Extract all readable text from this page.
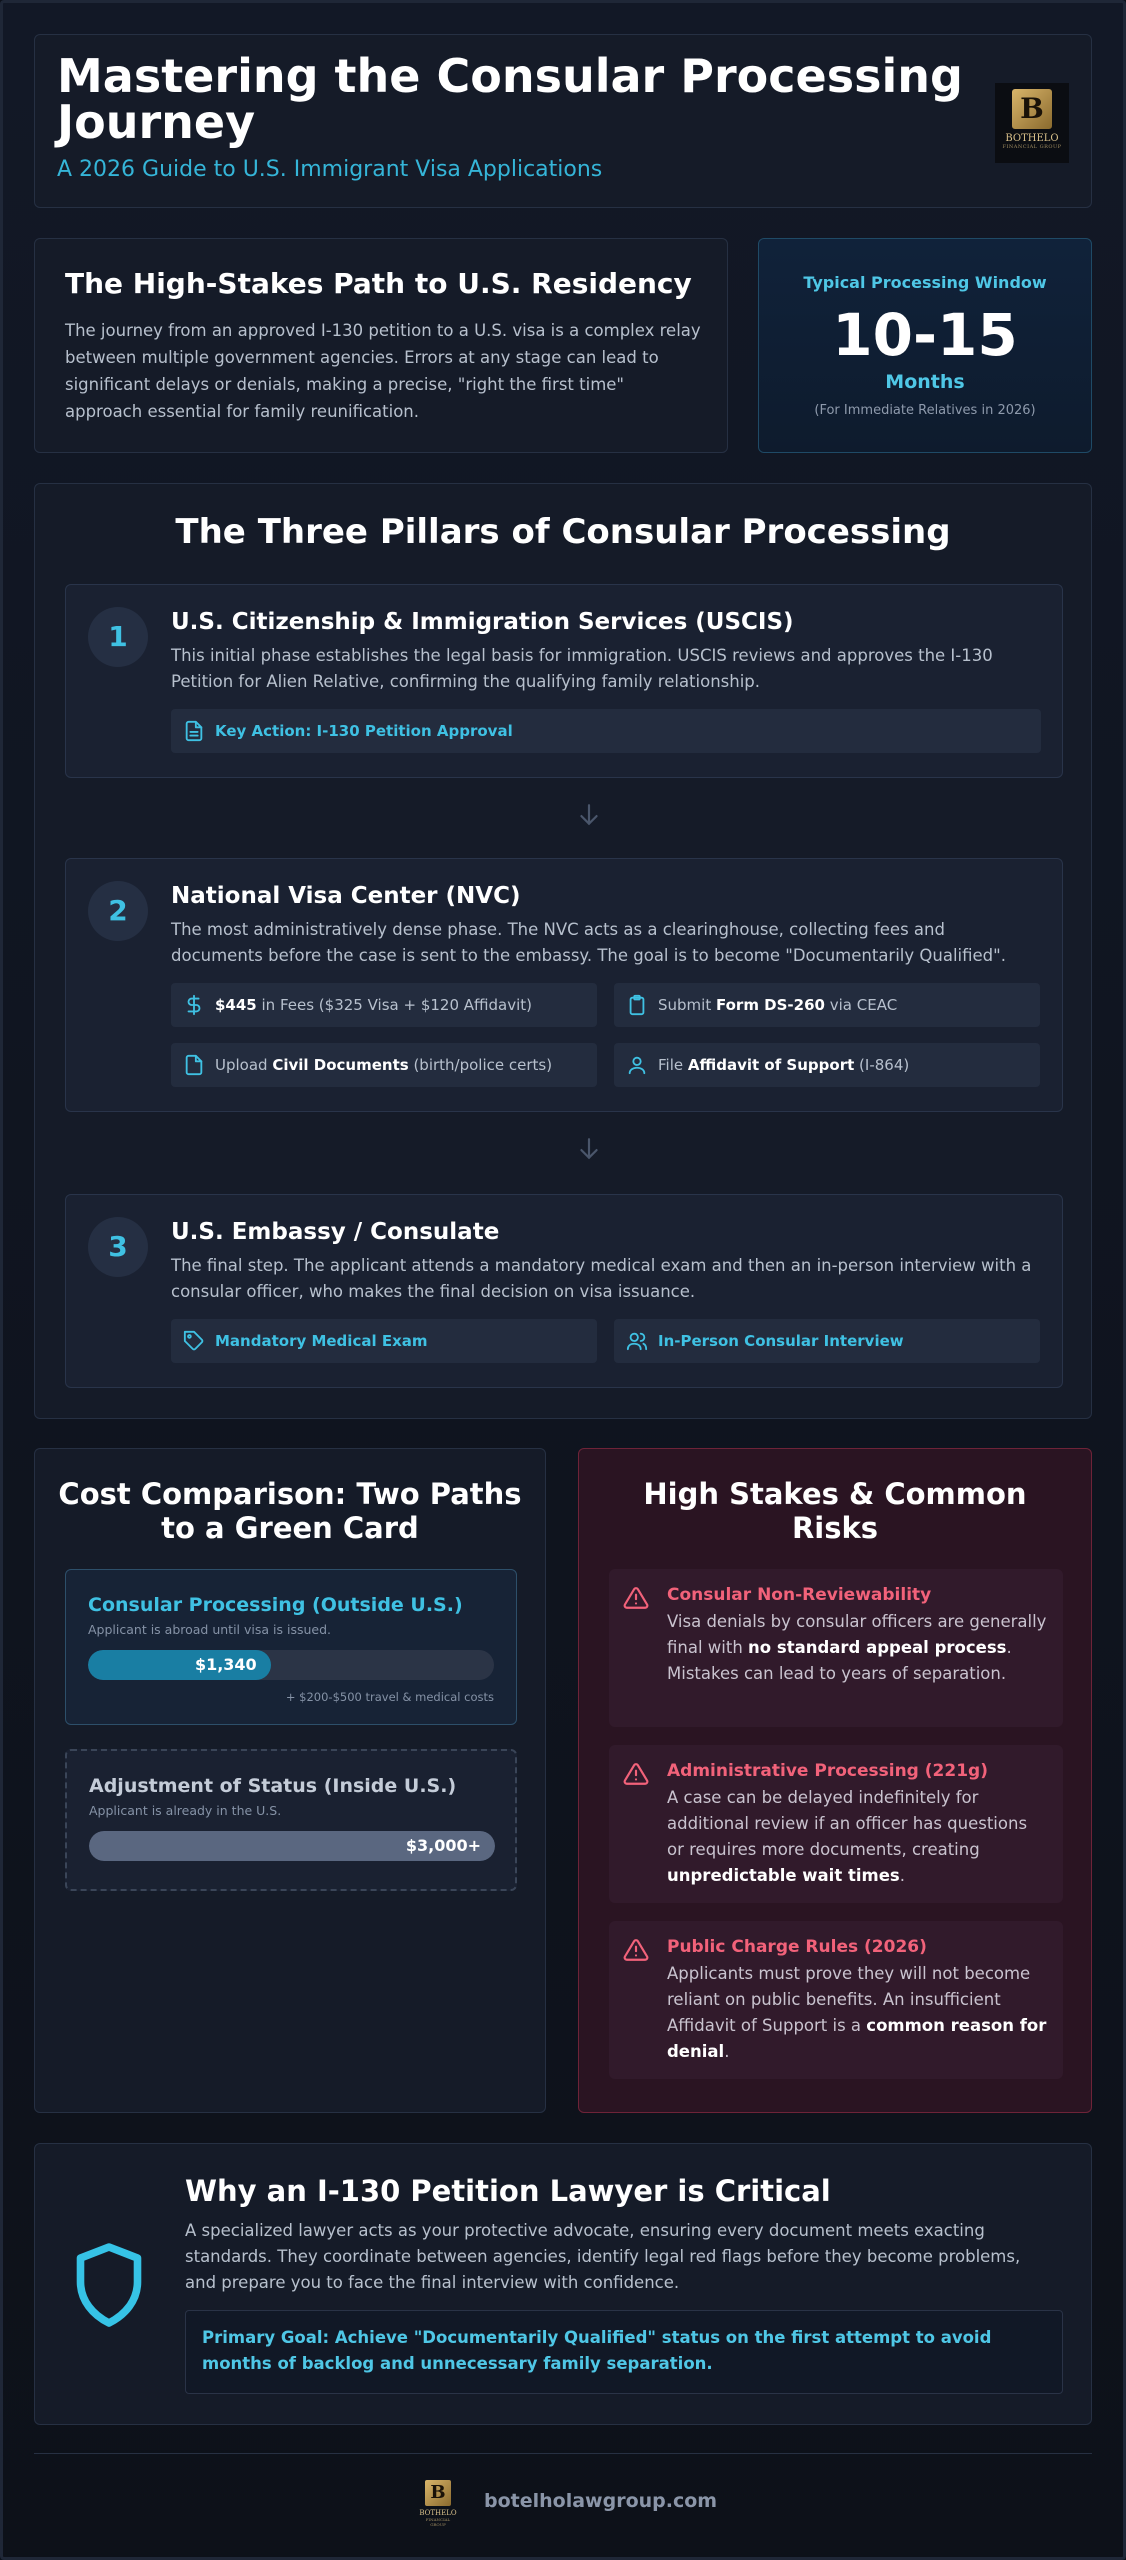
Mastering the Consular Processing Journey
A 2026 Guide to U.S. Immigrant Visa Applications
B
BOTHELO
FINANCIAL GROUP
The High-Stakes Path to U.S. Residency

The journey from an approved I-130 petition to a U.S. visa is a complex relay between multiple government agencies. Errors at any stage can lead to significant delays or denials, making a precise, "right the first time" approach essential for family reunification.

Typical Processing Window
10-15
Months
(For Immediate Relatives in 2026)
The Three Pillars of Consular Processing
1	U.S. Citizenship & Immigration Services (USCIS)
This initial phase establishes the legal basis for immigration. USCIS reviews and approves the I-130 Petition for Alien Relative, confirming the qualifying family relationship.
Key Action: I-130 Petition Approval
2	National Visa Center (NVC)
The most administratively dense phase. The NVC acts as a clearinghouse, collecting fees and documents before the case is sent to the embassy. The goal is to become "Documentarily Qualified".
$445 in Fees ($325 Visa + $120 Affidavit)	Submit Form DS-260 via CEAC
Upload Civil Documents (birth/police certs)	File Affidavit of Support (I-864)
3	U.S. Embassy / Consulate
The final step. The applicant attends a mandatory medical exam and then an in-person interview with a consular officer, who makes the final decision on visa issuance.
Mandatory Medical Exam	In-Person Consular Interview
Cost Comparison: Two Paths to a Green Card
Consular Processing (Outside U.S.)
Applicant is abroad until visa is issued.
$1,340
+ $200-$500 travel & medical costs
Adjustment of Status (Inside U.S.)
Applicant is already in the U.S.
$3,000+
High Stakes & Common Risks
Consular Non-Reviewability
Visa denials by consular officers are generally final with no standard appeal process. Mistakes can lead to years of separation.
Administrative Processing (221g)
A case can be delayed indefinitely for additional review if an officer has questions or requires more documents, creating unpredictable wait times.
Public Charge Rules (2026)
Applicants must prove they will not become reliant on public benefits. An insufficient Affidavit of Support is a common reason for denial.
Why an I-130 Petition Lawyer is Critical

A specialized lawyer acts as your protective advocate, ensuring every document meets exacting standards. They coordinate between agencies, identify legal red flags before they become problems, and prepare you to face the final interview with confidence.

Primary Goal: Achieve "Documentarily Qualified" status on the first attempt to avoid months of backlog and unnecessary family separation.
B
BOTHELO
FINANCIAL GROUP
botelholawgroup.com
